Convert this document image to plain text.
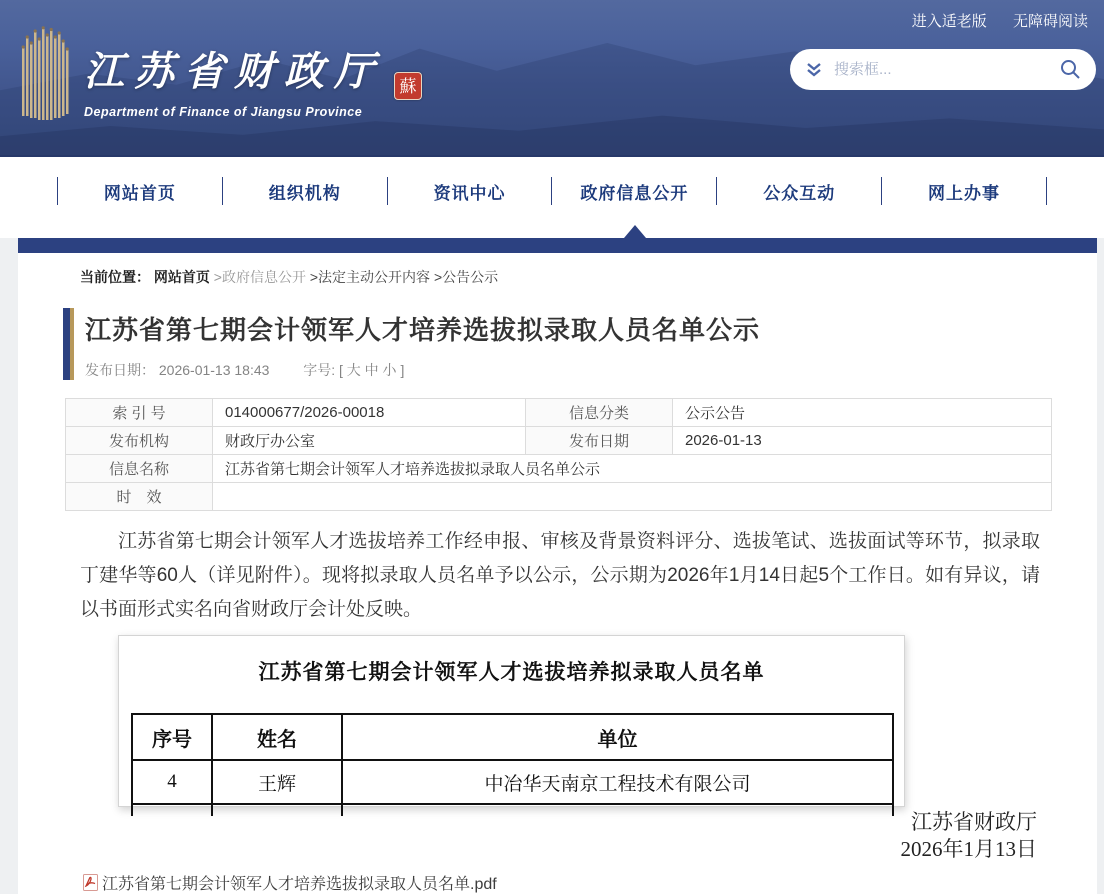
江苏省财政厅
Department of Finance of Jiangsu Province
蘇
进入适老版 无障碍阅读
搜索框...
网站首页	组织机构	资讯中心	政府信息公开	公众互动	网上办事
当前位置： 网站首页 >政府信息公开 >法定主动公开内容 >公告公示
江苏省第七期会计领军人才培养选拔拟录取人员名单公示
发布日期： 2026-01-13 18:43 字号: [ 大 中 小 ]
索 引 号	014000677/2026-00018	信息分类	公示公告
发布机构	财政厅办公室	发布日期	2026-01-13
信息名称	江苏省第七期会计领军人才培养选拔拟录取人员名单公示		
时　效			

江苏省第七期会计领军人才选拔培养工作经申报、审核及背景资料评分、选拔笔试、选拔面试等环节，拟录取丁建华等60人（详见附件）。现将拟录取人员名单予以公示，公示期为2026年1月14日起5个工作日。如有异议，请以书面形式实名向省财政厅会计处反映。

江苏省第七期会计领军人才选拔培养拟录取人员名单
序号	姓名	单位
4	王辉	中冶华天南京工程技术有限公司

江苏省财政厅
2026年1月13日
江苏省第七期会计领军人才培养选拔拟录取人员名单.pdf
